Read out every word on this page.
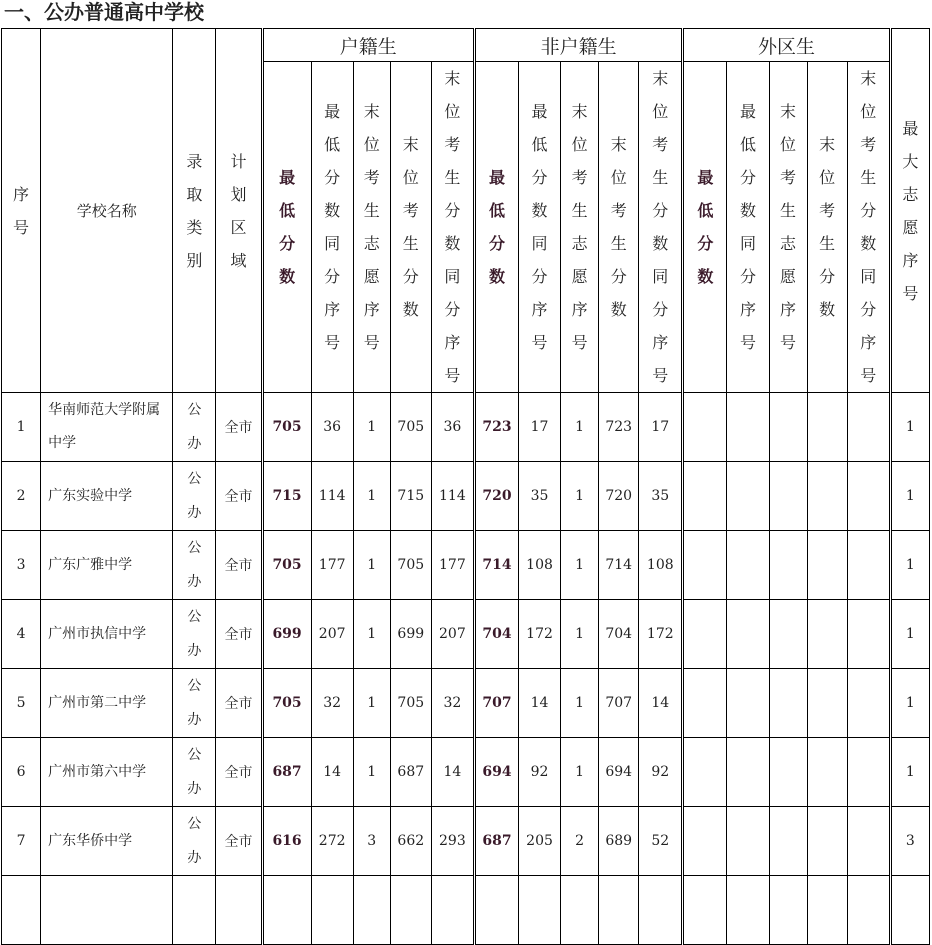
一、公办普通高中学校
序号	学校名称	录取类别	计划区域	户籍生					非户籍生					外区生					最大志愿序号
				最低分数	最低分数同分序号	末位考生志愿序号	末位考生分数	末位考生分数同分序号	最低分数	最低分数同分序号	末位考生志愿序号	末位考生分数	末位考生分数同分序号	最低分数	最低分数同分序号	末位考生志愿序号	末位考生分数	末位考生分数同分序号	
1	华南师范大学附属中学	公办	全市	705	36	1	705	36	723	17	1	723	17						1
2	广东实验中学	公办	全市	715	114	1	715	114	720	35	1	720	35						1
3	广东广雅中学	公办	全市	705	177	1	705	177	714	108	1	714	108						1
4	广州市执信中学	公办	全市	699	207	1	699	207	704	172	1	704	172						1
5	广州市第二中学	公办	全市	705	32	1	705	32	707	14	1	707	14						1
6	广州市第六中学	公办	全市	687	14	1	687	14	694	92	1	694	92						1
7	广东华侨中学	公办	全市	616	272	3	662	293	687	205	2	689	52						3
